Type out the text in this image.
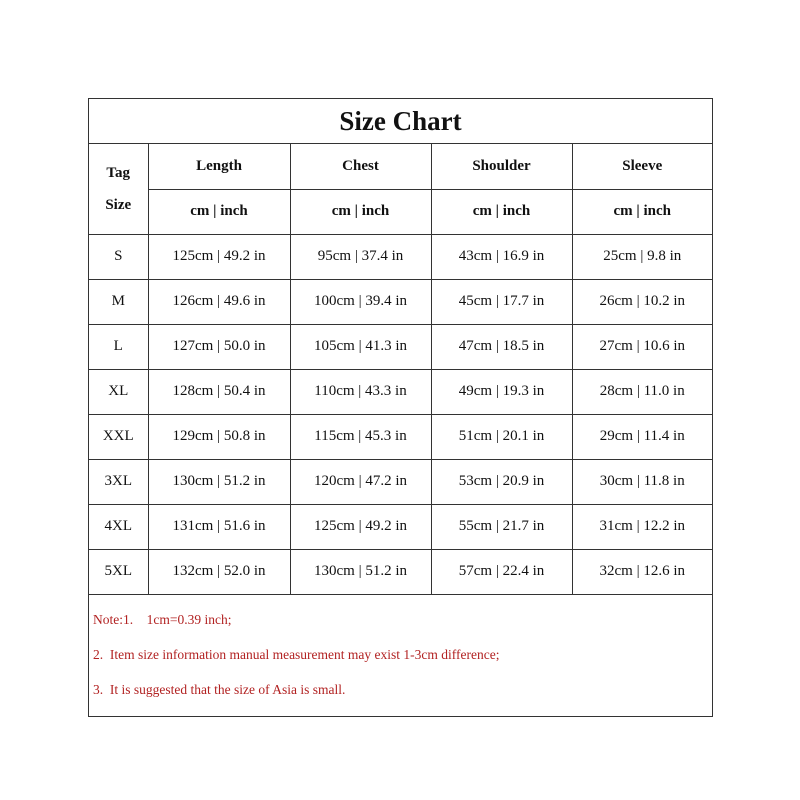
Size Chart
Tag
Size	Length	Chest	Shoulder	Sleeve
	cm | inch	cm | inch	cm | inch	cm | inch
S	125cm | 49.2 in	95cm | 37.4 in	43cm | 16.9 in	25cm | 9.8 in
M	126cm | 49.6 in	100cm | 39.4 in	45cm | 17.7 in	26cm | 10.2 in
L	127cm | 50.0 in	105cm | 41.3 in	47cm | 18.5 in	27cm | 10.6 in
XL	128cm | 50.4 in	110cm | 43.3 in	49cm | 19.3 in	28cm | 11.0 in
XXL	129cm | 50.8 in	115cm | 45.3 in	51cm | 20.1 in	29cm | 11.4 in
3XL	130cm | 51.2 in	120cm | 47.2 in	53cm | 20.9 in	30cm | 11.8 in
4XL	131cm | 51.6 in	125cm | 49.2 in	55cm | 21.7 in	31cm | 12.2 in
5XL	132cm | 52.0 in	130cm | 51.2 in	57cm | 22.4 in	32cm | 12.6 in
Note:1.    1cm=0.39 inch;
2.  Item size information manual measurement may exist 1-3cm difference;
3.  It is suggested that the size of Asia is small.
